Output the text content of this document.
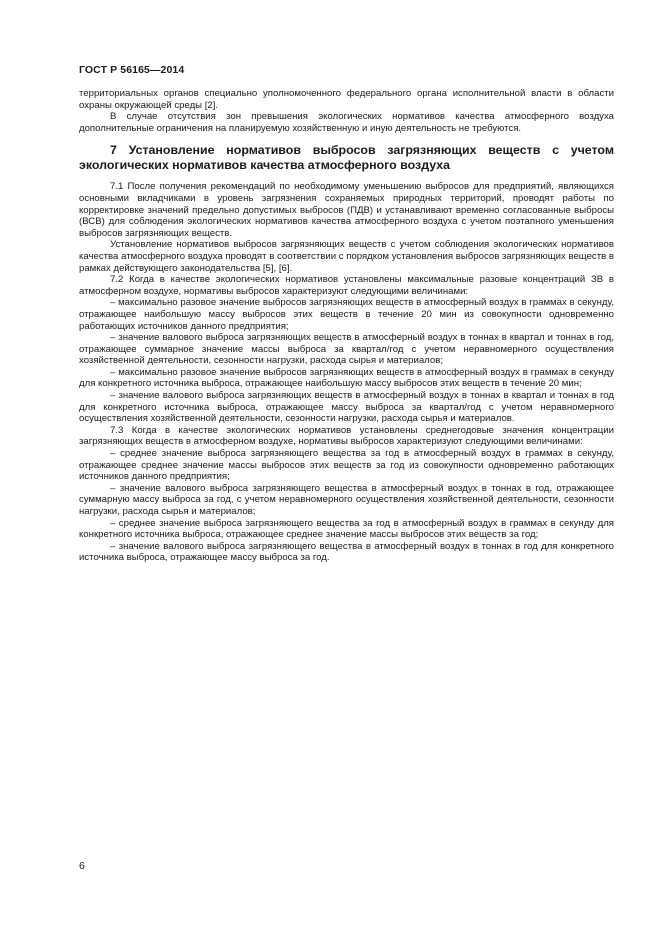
ГОСТ Р 56165—2014

территориальных органов специально уполномоченного федерального органа исполнительной власти в области охраны окружающей среды [2].

В случае отсутствия зон превышения экологических нормативов качества атмосферного воздуха дополнительные ограничения на планируемую хозяйственную и иную деятельность не требуются.

7 Установление нормативов выбросов загрязняющих веществ с учетом экологических нормативов качества атмосферного воздуха

7.1 После получения рекомендаций по необходимому уменьшению выбросов для предприятий, являющихся основными вкладчиками в уровень загрязнения сохраняемых природных территорий, проводят работы по корректировке значений предельно допустимых выбросов (ПДВ) и устанавливают временно согласованные выбросы (ВСВ) для соблюдения экологических нормативов качества атмосферного воздуха с учетом поэтапного уменьшения выбросов загрязняющих веществ.

Установление нормативов выбросов загрязняющих веществ с учетом соблюдения экологических нормативов качества атмосферного воздуха проводят в соответствии с порядком установления выбросов загрязняющих веществ в рамках действующего законодательства [5], [6].

7.2 Когда в качестве экологических нормативов установлены максимальные разовые концентраций ЗВ в атмосферном воздухе, нормативы выбросов характеризуют следующими величинами:

– максимально разовое значение выбросов загрязняющих веществ в атмосферный воздух в граммах в секунду, отражающее наибольшую массу выбросов этих веществ в течение 20 мин из совокупности одновременно работающих источников данного предприятия;

– значение валового выброса загрязняющих веществ в атмосферный воздух в тоннах в квартал и тоннах в год, отражающее суммарное значение массы выброса за квартал/год с учетом неравномерного осуществления хозяйственной деятельности, сезонности нагрузки, расхода сырья и материалов;

– максимально разовое значение выбросов загрязняющих веществ в атмосферный воздух в граммах в секунду для конкретного источника выброса, отражающее наибольшую массу выбросов этих веществ в течение 20 мин;

– значение валового выброса загрязняющих веществ в атмосферный воздух в тоннах в квартал и тоннах в год для конкретного источника выброса, отражающее массу выброса за квартал/год с учетом неравномерного осуществления хозяйственной деятельности, сезонности нагрузки, расхода сырья и материалов.

7.3 Когда в качестве экологических нормативов установлены среднегодовые значения концентрации загрязняющих веществ в атмосферном воздухе, нормативы выбросов характеризуют следующими величинами:

– среднее значение выброса загрязняющего вещества за год в атмосферный воздух в граммах в секунду, отражающее среднее значение массы выбросов этих веществ за год из совокупности одновременно работающих источников данного предприятия;

– значение валового выброса загрязняющего вещества в атмосферный воздух в тоннах в год, отражающее суммарную массу выброса за год, с учетом неравномерного осуществления хозяйственной деятельности, сезонности нагрузки, расхода сырья и материалов;

– среднее значение выброса загрязняющего вещества за год в атмосферный воздух в граммах в секунду для конкретного источника выброса, отражающее среднее значение массы выбросов этих веществ за год;

– значение валового выброса загрязняющего вещества в атмосферный воздух в тоннах в год для конкретного источника выброса, отражающее массу выброса за год.

6
